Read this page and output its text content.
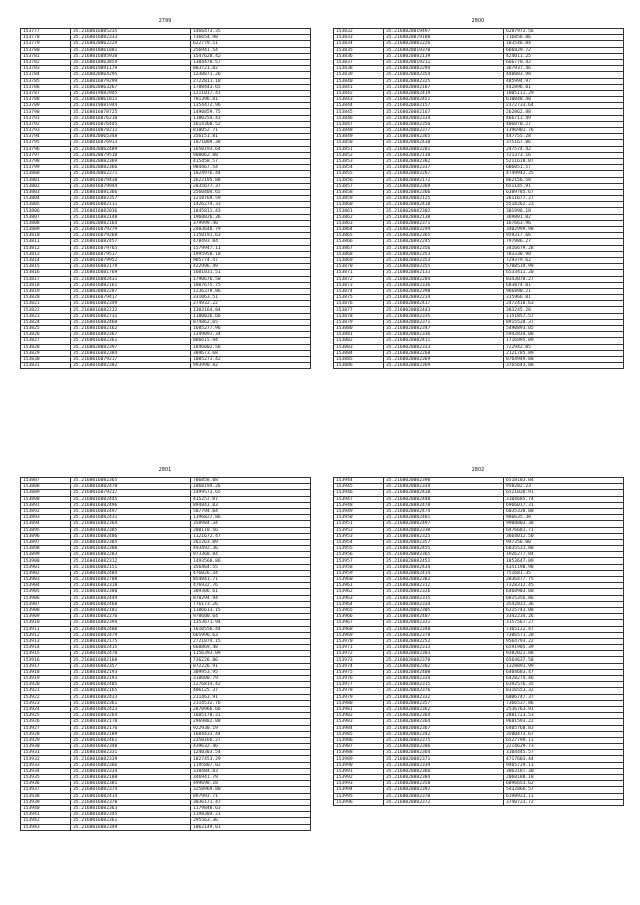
2799
153777	35.2168016085235	1466473.35
153778	35.2168016082333	736654.98
153779	35.2168020062229	622779.51
153780	35.2168018061881	256941.54
153781	35.2168016085938	1547628.42
153782	35.2168018063854	1304478.57
153783	35.2168019091179	883721.82
153784	35.2168020064295	1230071.26
153785	35.2168016079299	2722811.18
153786	35.2168020063267	1788443.65
153787	35.2168019082945	1211017.41
153788	35.2168020061811	781396.81
153789	35.2168019081944	1354472.96
153790	35.2168016078725	1490859.75
153791	35.2168016076210	1180254.43
153792	35.2168016076445	1614360.52
153793	35.2168018078211	818052.71
153794	35.2168020065348	356151.81
153795	35.2168016076913	1071009.38
153796	35.2168020062489	1650193.64
153797	35.2168020079510	908062.88
153798	35.2168020082369	415458.57
153799	35.2168020082366	984467.54
153800	35.2168020062271	1824976.44
153801	35.2168016079438	2622195.88
153802	35.2168016079944	2835677.37
153803	35.2168016081366	2560404.65
153804	35.2168016082357	1218769.59
153805	35.2168016082111	1426274.33
153806	35.2168016082036	1845811.43
153807	35.2168016082148	1960826.36
153808	35.2168020082164	379999.40
153809	35.2168016079279	2403648.79
153810	35.2168016079268	1150191.63
153811	35.2168016082457	478493.84
153812	35.2168016079765	1579947.11
153813	35.2168016079517	1995958.18
153814	35.2168016079952	905774.47
153815	35.2168016082179	422996.49
153816	35.2168016081769	1601031.51
153817	35.2168016082431	1790676.58
153818	35.2168016082161	1807675.75
153819	35.2168020082287	1236378.86
153820	35.2168016079417	331063.51
153821	35.2168016082349	274932.22
153822	35.2168016082232	1303164.84
153823	35.2168016082731	1180026.66
153824	35.2168016082460	874862.65
153825	35.2168016082162	1685277.96
153826	35.2168016082367	1349891.34
153827	35.2168016082361	886615.94
153828	35.2168020082397	1846002.56
153829	35.2168016082384	309673.68
153830	35.2168016079217	1005271.42
153831	35.2168016082302	993990.82
2800
153832	35.2168020019497	6287972.56
153833	35.2168020079180	716856.86
153834	35.2168020082226	183546.04
153835	35.2168020019370	666829.72
153836	35.2168020082139	424011.25
153837	35.2168020019211	666770.42
153838	35.2168020082294	367937.46
153839	35.2168020082354	448003.98
153840	35.2168020082325	485994.97
153841	35.2168020082167	442896.01
153842	35.2168020082419	1005111.29
153843	35.2168020082451	610048.48
153844	35.2168020082157	2372733.64
153845	35.2168020082167	262862.88
153846	35.2168020082334	466711.49
153847	35.2168020082356	406070.27
153848	35.2168020082377	1396901.76
153849	35.2168020082365	447755.28
153850	35.2168020082430	375167.06
153851	35.2168020082281	247574.42
153852	35.2168020082138	721373.16
153853	35.2168020082382	5211618.07
153854	35.2168020082337	606051.57
153855	35.2168020082267	4749942.25
153856	35.2168020082172	862156.58
153857	35.2168020082369	651145.91
153858	35.2168020082366	6389785.67
153859	35.2168020082125	2611677.27
153860	35.2168020082418	5518262.23
153861	35.2168020082302	301996.18
153862	35.2168020082138	369881.02
153863	35.2168020082371	167663.96
153864	35.2168020082249	3402999.98
153865	35.2168020082365	959317.66
153866	35.2168020082245	797986.27
153867	35.2168020082356	3416679.28
153868	35.2168020082353	783338.98
153869	35.2168020082353	729379.62
153870	35.2168020082355	5708519.99
153871	35.2168020082133	6533411.20
153872	35.2168020082284	8343070.27
153873	35.2168020082336	683874.01
153874	35.2168020082390	966890.21
153875	35.2168020082234	315966.01
153876	35.2168020082417	2472410.63
153877	35.2168020082443	383245.28
153878	35.2168020082335	1151857.57
153879	35.2168020082371	8915528.37
153880	35.2168020082347	5490893.05
153881	35.2168020082336	5942834.88
153882	35.2168020082411	1716995.09
153883	35.2168020082333	722942.05
153884	35.2168020082268	2121785.89
153885	35.2168020082369	8764949.88
153886	35.2168020082369	3765643.00
2801
153887	35.2168016082365	706858.08
153888	35.2168016082470	1068194.26
153889	35.2168016079217	1499573.65
153890	35.2168016082445	415257.07
153891	35.2168016082496	894843.03
153892	35.2168016082497	507794.04
153893	35.2168016082431	1396827.86
153894	35.2168016082364	358984.34
153895	35.2168016082385	280118.56
153896	35.2168016082406	1121672.47
153897	35.2168016082385	261263.09
153898	35.2168016082380	493492.36
153899	35.2168016082283	973368.84
153900	35.2168016082312	1493560.86
153901	35.2168016082151	356464.55
153902	35.2168016082404	476026.34
153903	35.2168016082708	854841.71
153904	35.2168016082318	476932.76
153905	35.2168016082380	309306.61
153906	35.2168016082449	878294.94
153907	35.2168016082468	776173.26
153908	35.2168016082181	1106613.15
153909	35.2168016082276	978600.64
153910	35.2168016082394	1353671.94
153911	35.2168016082408	1610556.44
153912	35.2168016082479	665996.63
153913	35.2168016082175	2721074.15
153914	35.2168016082415	668869.48
153915	35.2168016082470	1156393.09
153916	35.2168016082168	736226.86
153917	35.2168016082357	872226.91
153918	35.2168016082193	309953.95
153919	35.2168016082193	318600.79
153920	35.2168016082485	1276814.42
153921	35.2168016082165	406125.37
153922	35.2168016082433	211463.91
153923	35.2168016082361	2114532.76
153924	35.2168016082423	2870966.66
153925	35.2168016082264	1605178.31
153926	35.2168016082178	2969882.88
153927	35.2168016082176	922930.19
153928	35.2168016082189	1684433.44
153929	35.2168016082461	2350166.27
153930	35.2168016082348	439632.46
153931	35.2168016082331	1240303.54
153932	35.2168016082339	1827453.29
153933	35.2168016082366	1195807.02
153934	35.2168016082334	338484.83
153935	35.2168016082188	346941.79
153936	35.2168016082381	499698.18
153937	35.2168016082374	3258969.80
153938	35.2168016082414	897993.71
153939	35.2168016082370	3036171.47
153940	35.2168016082363	1179840.63
153941	35.2168016082345	1198304.21
153942	35.2168016082361	295563.36
153943	35.2168016082349	1062149.01
2802
153944	35.2168020082390	6518183.84
153945	35.2168020082334	950282.23
153946	35.2168020082438	6521028.91
153947	35.2168020082440	3104685.74
153948	35.2168020082470	6966017.31
153949	35.2168020082474	6035338.00
153950	35.2168020082481	986635.38
153951	35.2168020082497	9908003.38
153952	35.2168020082330	6476681.71
153953	35.2168020082325	3664012.50
153954	35.2168020082357	947356.00
153955	35.2168020082455	6035531.80
153956	35.2168020082365	1926277.84
153957	35.2168020082451	1853647.09
153958	35.2168020082434	4351190.98
153959	35.2168020082414	751681.35
153960	35.2168020082382	2836477.75
153961	35.2168020082312	7328312.45
153962	35.2168020082326	6468903.00
153963	35.2168020082315	6815356.86
153964	35.2168020082334	3542831.36
153965	35.2168020082305	6315743.08
153966	35.2168020082407	3342234.26
153967	35.2168020082331	3157567.27
153968	35.2168020082348	7365122.47
153969	35.2168020082370	7306571.28
153970	35.2168020082252	9564793.22
153971	35.2168020082313	6591905.39
153972	35.2168020082303	9382021.88
153973	35.2168020082370	6564637.58
153974	35.2168020082302	1328891.99
153975	35.2168020082408	6404683.47
153976	35.2168020082334	6428274.46
153977	35.2168020082315	6392576.35
153978	35.2168020082376	8316553.32
153979	35.2168020082332	6006747.37
153980	35.2168020082357	7366537.86
153981	35.2168020082362	2536763.91
153982	35.2168020082364	2881723.53
153983	35.2168020082364	9681593.22
153984	35.2168020082367	6405768.83
153985	35.2168020082342	3500473.67
153986	35.2168020082375	6527799.11
153987	35.2168020082386	2214629.73
153988	35.2168020082364	3104445.57
153989	35.2168020082371	4717683.44
153990	35.2168020082339	9465729.11
153991	35.2168020082366	3063187.30
153992	35.2168020082384	2068188.18
153993	35.2168020082358	6096653.62
153994	35.2168020082392	5432866.57
153995	35.2168020082370	6198923.11
153996	35.2168020082372	3740723.72
